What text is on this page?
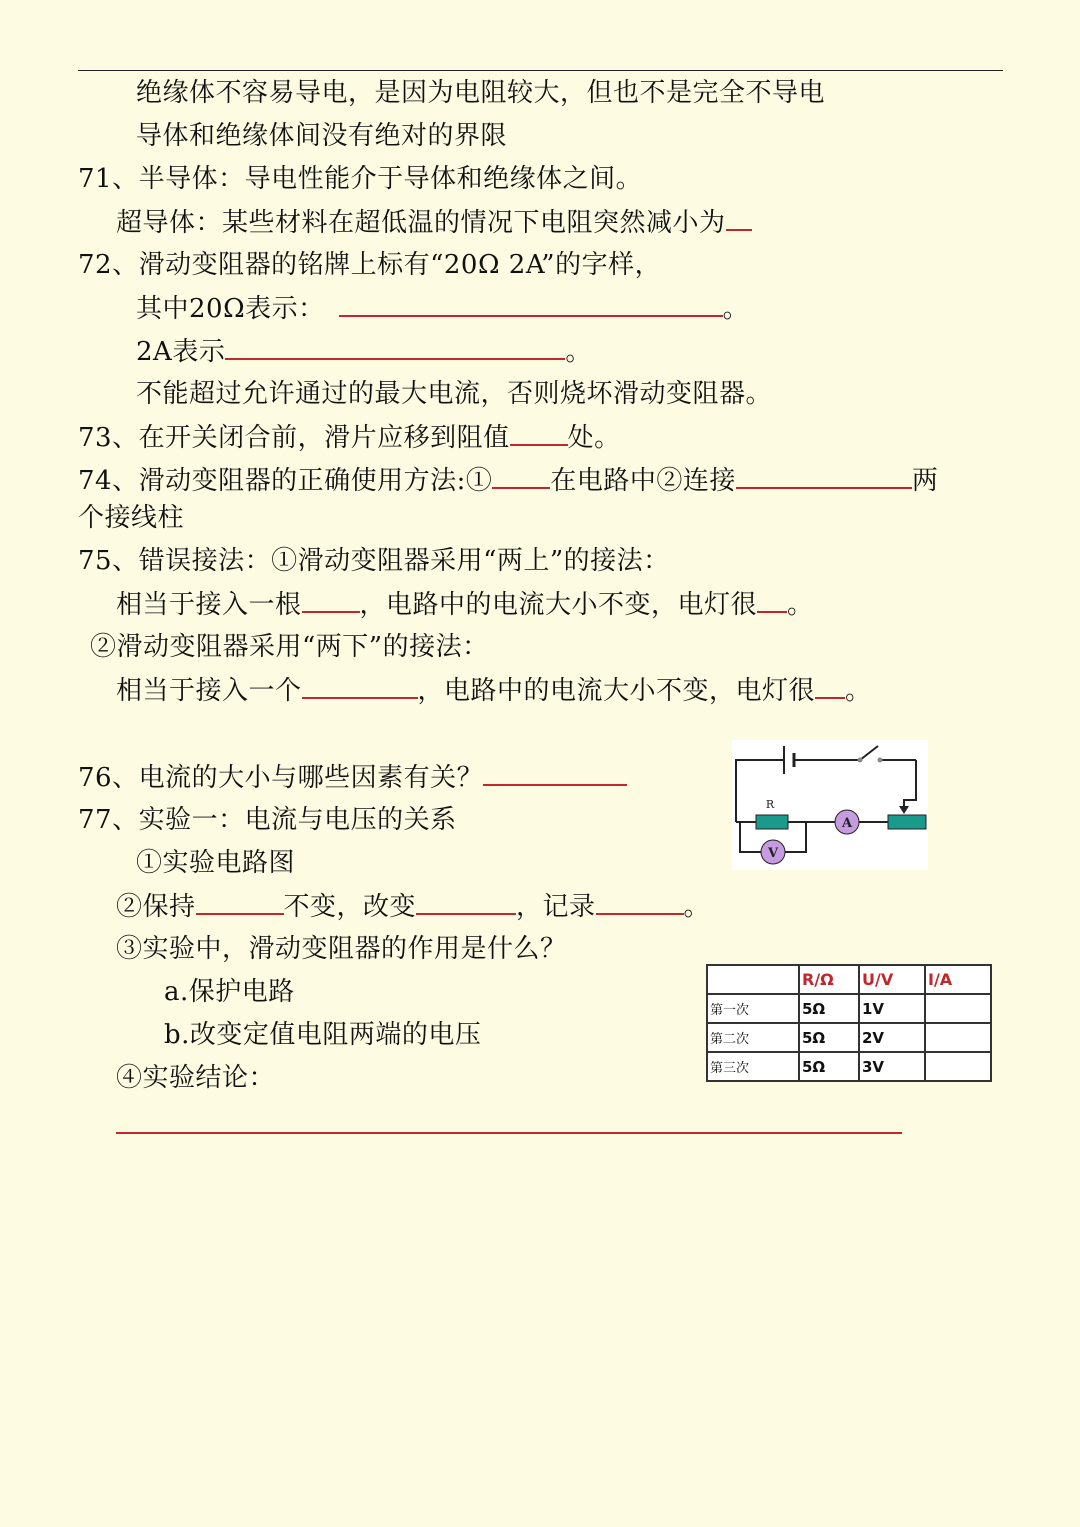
绝缘体不容易导电，是因为电阻较大，但也不是完全不导电
导体和绝缘体间没有绝对的界限
71、半导体：导电性能介于导体和绝缘体之间。
超导体：某些材料在超低温的情况下电阻突然减小为
72、滑动变阻器的铭牌上标有“20Ω 2A”的字样，
其中20Ω表示：	。
2A表示	。
不能超过允许通过的最大电流，否则烧坏滑动变阻器。
73、在开关闭合前，滑片应移到阻值 处。
74、滑动变阻器的正确使用方法:① 在电路中②连接	两
个接线柱
75、错误接法：①滑动变阻器采用“两上”的接法：
相当于接入一根 ，电路中的电流大小不变，电灯很 。
②滑动变阻器采用“两下”的接法：
相当于接入一个	，电路中的电流大小不变，电灯很 。
76、电流的大小与哪些因素有关？
77、实验一：电流与电压的关系
①实验电路图
②保持	不变，改变	，记录	。
③实验中，滑动变阻器的作用是什么？
a.保护电路
b.改变定值电阻两端的电压
④实验结论：
R
A
V
	R/Ω	U/V	I/A
第一次	5Ω	1V	
第二次	5Ω	2V	
第三次	5Ω	3V	
